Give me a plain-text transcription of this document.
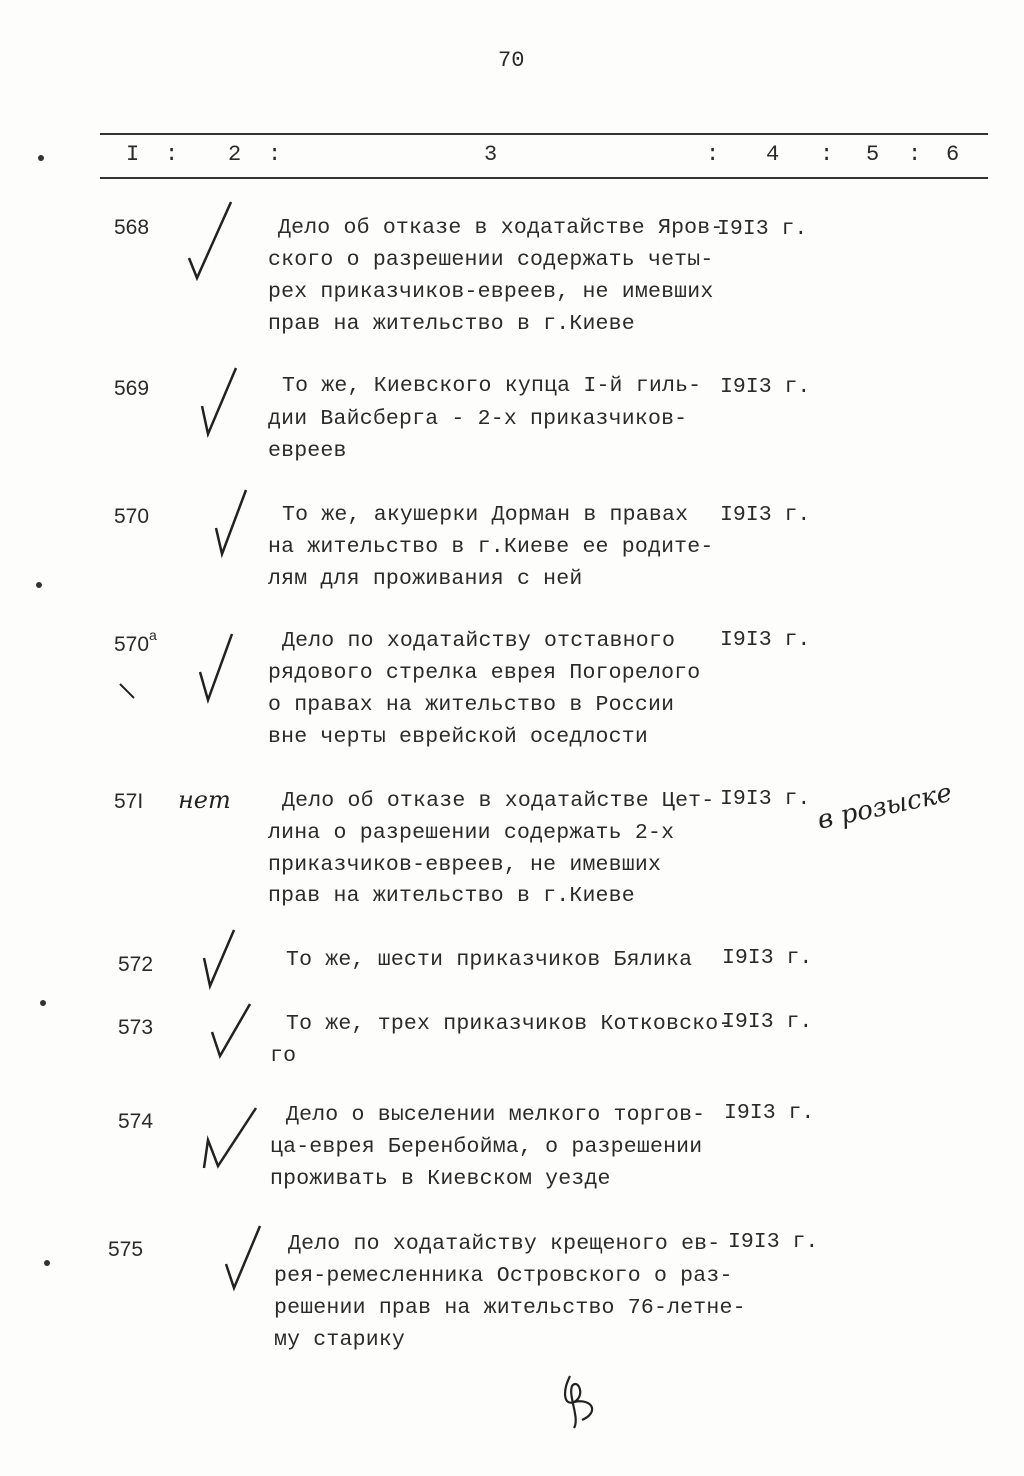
70
I : 2 :	3	: 4 : 5 : 6
568	Дело об отказе в ходатайстве Яров-
ского о разрешении содержать четы-
рех приказчиков-евреев, не имевших
прав на жительство в г.Киеве
I9I3 г.
569	То же, Киевского купца I-й гиль-
дии Вайсберга - 2-х приказчиков-
евреев
I9I3 г.
570	То же, акушерки Дорман в правах
на жительство в г.Киеве ее родите-
лям для проживания с ней
I9I3 г.
$570^а$	Дело по ходатайству отставного
рядового стрелка еврея Погорелого
о правах на жительство в России
вне черты еврейской оседлости
I9I3 г.
57I нет Дело об отказе в ходатайстве Цет-
лина о разрешении содержать 2-х
приказчиков-евреев, не имевших
прав на жительство в г.Киеве
I9I3 г. в розыске
572	То же, шести приказчиков Бялика I9I3 г.
573	То же, трех приказчиков Котковско-
го
I9I3 г.
574	Дело о выселении мелкого торгов-
ца-еврея Беренбойма, о разрешении
проживать в Киевском уезде
I9I3 г.
575	Дело по ходатайству крещеного ев-
рея-ремесленника Островского о раз-
решении прав на жительство 76-летне-
му старику
I9I3 г.
